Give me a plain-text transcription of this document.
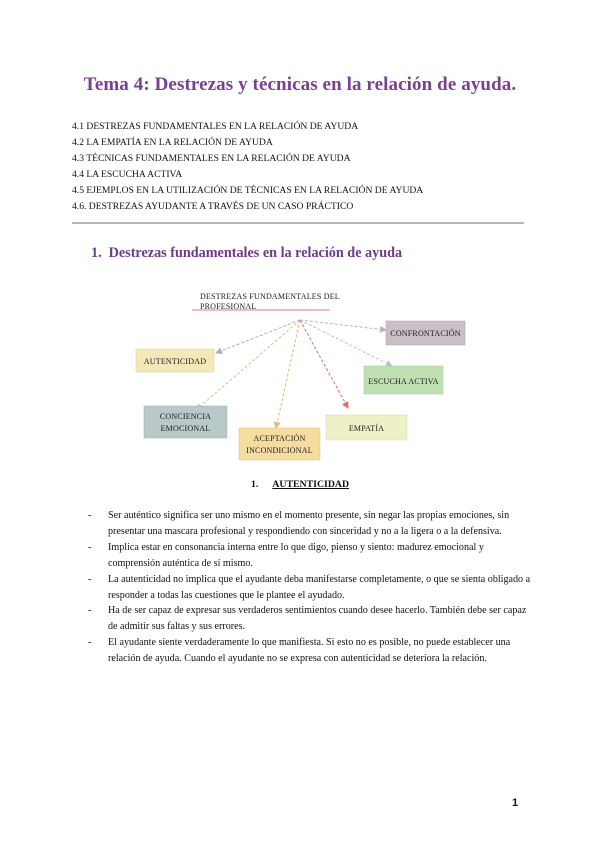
Tema 4: Destrezas y técnicas en la relación de ayuda.
4.1 DESTREZAS FUNDAMENTALES EN LA RELACIÓN DE AYUDA
4.2 LA EMPATÍA EN LA RELACIÓN DE AYUDA
4.3 TÉCNICAS FUNDAMENTALES EN LA RELACIÓN DE AYUDA
4.4 LA ESCUCHA ACTIVA
4.5 EJEMPLOS EN LA UTILIZACIÓN DE TÉCNICAS EN LA RELACIÓN DE AYUDA
4.6. DESTREZAS AYUDANTE A TRAVÉS DE UN CASO PRÁCTICO
1. Destrezas fundamentales en la relación de ayuda
DESTREZAS FUNDAMENTALES DEL
PROFESIONAL
AUTENTICIDAD
CONCIENCIA
EMOCIONAL
ACEPTACIÓN
INCONDICIONAL
EMPATÍA
ESCUCHA ACTIVA
CONFRONTACIÓN
1. AUTENTICIDAD
- Ser auténtico significa ser uno mismo en el momento presente, sin negar las propias emociones, sin presentar una mascara profesional y respondiendo con sinceridad y no a la ligera o a la defensiva.
- Implica estar en consonancia interna entre lo que digo, pienso y siento: madurez emocional y comprensión auténtica de sí mismo.
- La autenticidad no implica que el ayudante deba manifestarse completamente, o que se sienta obligado a responder a todas las cuestiones que le plantee el ayudado.
- Ha de ser capaz de expresar sus verdaderos sentimientos cuando desee hacerlo. También debe ser capaz de admitir sus faltas y sus errores.
- El ayudante siente verdaderamente lo que manifiesta. Si esto no es posible, no puede establecer una relación de ayuda. Cuando el ayudante no se expresa con autenticidad se deteriora la relación.
1
